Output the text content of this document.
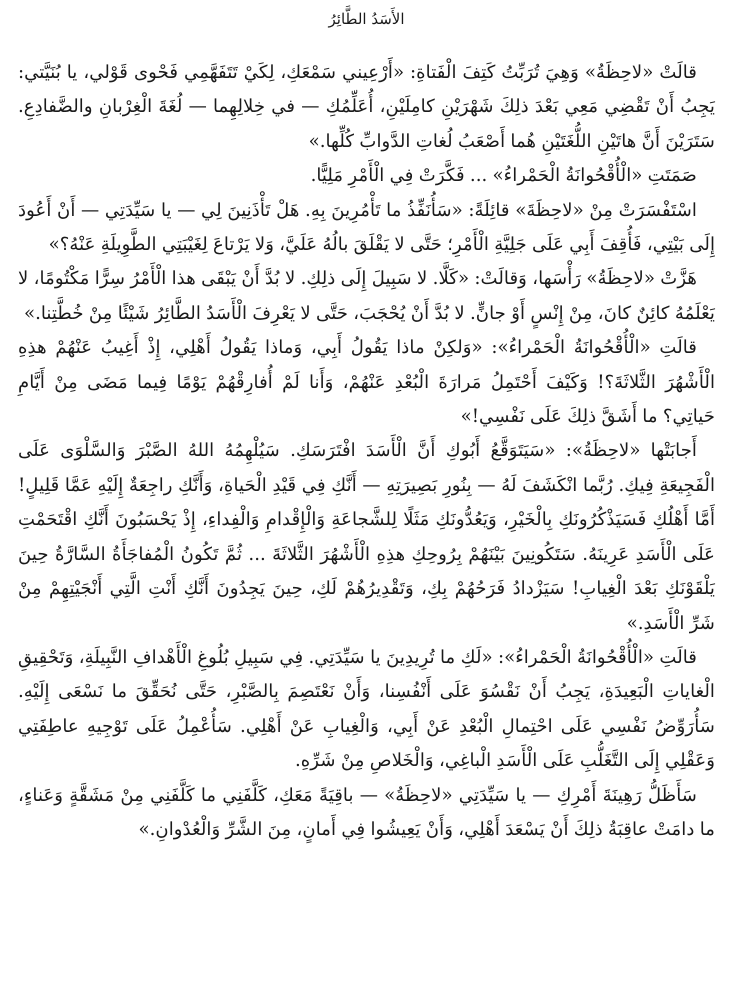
الأَسَدُ الطَّائِرُ

قالَتْ «لاحِظَةُ» وَهِيَ تُرَبِّتُ كَتِفَ الْفَتاةِ: «أَرْعِيني سَمْعَكِ، لِكَيْ تَتَفَهَّمِي فَحْوى قَوْلي، يا بُنَيَّتي: يَجِبُ أَنْ تَقْضِي مَعِي بَعْدَ ذلِكَ شَهْرَيْنِ كامِلَيْنِ، أُعَلِّمُكِ — في خِلالِهِما — لُغَةَ الْغِرْبانِ والضَّفادِعِ. سَتَرَيْنَ أَنَّ هاتَيْنِ اللُّغَتَيْنِ هُما أَصْعَبُ لُغاتِ الدَّوابِّ كُلِّها.»

صَمَتَتِ «الْأُقْحُوانَةُ الْحَمْراءُ» ... فَكَّرَتْ فِي الْأَمْرِ مَلِيًّا.

اسْتَفْسَرَتْ مِنْ «لاحِظَةَ» قائِلَةً: «سَأُنَفِّذُ ما تَأْمُرِينَ بِهِ. هَلْ تَأْذَنِينَ لِي — يا سَيِّدَتِي — أَنْ أَعُودَ إِلَى بَيْتِي، فَأُقِفَ أَبِي عَلَى جَلِيَّةِ الْأَمْرِ؛ حَتَّى لا يَقْلَقَ بالُهُ عَلَيَّ، وَلا يَرْتاعَ لِغَيْبَتِي الطَّوِيلَةِ عَنْهُ؟»

هَزَّتْ «لاحِظَةُ» رَأْسَها، وَقالَتْ: «كَلَّا. لا سَبِيلَ إِلَى ذلِكِ. لا بُدَّ أَنْ يَبْقَى هذا الْأَمْرُ سِرًّا مَكْتُومًا، لا يَعْلَمُهُ كائِنٌ كانَ، مِنْ إِنْسٍ أَوْ جانٍّ. لا بُدَّ أَنْ يُحْجَبَ، حَتَّى لا يَعْرِفَ الْأَسَدُ الطَّائِرُ شَيْئًا مِنْ خُطَّتِنا.»

قالَتِ «الْأُقْحُوانَةُ الْحَمْراءُ»: «وَلكِنْ ماذا يَقُولُ أَبِي، وَماذا يَقُولُ أَهْلِي، إِذْ أَغِيبُ عَنْهُمْ هذِهِ الْأَشْهُرَ الثَّلاثَةَ؟! وَكَيْفَ أَحْتَمِلُ مَرارَةَ الْبُعْدِ عَنْهُمْ، وَأَنا لَمْ أُفارِقْهُمْ يَوْمًا فِيما مَضَى مِنْ أَيَّامِ حَياتِي؟ ما أَشَقَّ ذلِكَ عَلَى نَفْسِي!»

أَجابَتْها «لاحِظَةُ»: «سَيَتَوَقَّعُ أَبُوكِ أَنَّ الْأَسَدَ افْتَرَسَكِ. سَيُلْهِمُهُ اللهُ الصَّبْرَ وَالسَّلْوَى عَلَى الْفَجِيعَةِ فِيكِ. رُبَّما انْكَشَفَ لَهُ — بِنُورِ بَصِيرَتِهِ — أَنَّكِ فِي قَيْدِ الْحَياةِ، وَأَنَّكِ راجِعَةٌ إِلَيْهِ عَمَّا قَلِيلٍ! أَمَّا أَهْلُكِ فَسَيَذْكُرُونَكِ بِالْخَيْرِ، وَيَعُدُّونَكِ مَثَلًا لِلشَّجاعَةِ وَالْإِقْدامِ وَالْفِداءِ، إِذْ يَحْسَبُونَ أَنَّكِ اقْتَحَمْتِ عَلَى الْأَسَدِ عَرِينَهُ. سَتَكُونِينَ بَيْنَهُمْ بِرُوحِكِ هذِهِ الْأَشْهُرَ الثَّلاثَةَ ... ثُمَّ تَكُونُ الْمُفاجَأَةُ السَّارَّةُ حِينَ يَلْقَوْنَكِ بَعْدَ الْغِيابِ! سَيَزْدادُ فَرَحُهُمْ بِكِ، وَتَقْدِيرُهُمْ لَكِ، حِينَ يَجِدُونَ أَنَّكِ أَنْتِ الَّتِي أَنْجَيْتِهِمْ مِنْ شَرِّ الْأَسَدِ.»

قالَتِ «الْأُقْحُوانَةُ الْحَمْراءُ»: «لَكِ ما تُرِيدِينَ يا سَيِّدَتِي. فِي سَبِيلِ بُلُوغِ الْأَهْدافِ النَّبِيلَةِ، وَتَحْقِيقِ الْغاياتِ الْبَعِيدَةِ، يَجِبُ أَنْ نَقْسُوَ عَلَى أَنْفُسِنا، وَأَنْ نَعْتَصِمَ بِالصَّبْرِ، حَتَّى نُحَقِّقَ ما نَسْعَى إِلَيْهِ. سَأُرَوِّضُ نَفْسِي عَلَى احْتِمالِ الْبُعْدِ عَنْ أَبِي، وَالْغِيابِ عَنْ أَهْلِي. سَأُعْمِلُ عَلَى تَوْجِيهِ عاطِفَتِي وَعَقْلِي إِلَى التَّغَلُّبِ عَلَى الْأَسَدِ الْباغِي، وَالْخَلاصِ مِنْ شَرِّهِ.

سَأَظَلُّ رَهِينَةَ أَمْرِكِ — يا سَيِّدَتِي «لاحِظَةُ» — باقِيَةً مَعَكِ، كَلَّفَنِي ما كَلَّفَنِي مِنْ مَشَقَّةٍ وَعَناءٍ، ما دامَتْ عاقِبَةُ ذلِكَ أَنْ يَسْعَدَ أَهْلِي، وَأَنْ يَعِيشُوا فِي أَمانٍ، مِنَ الشَّرِّ وَالْعُدْوانِ.»
